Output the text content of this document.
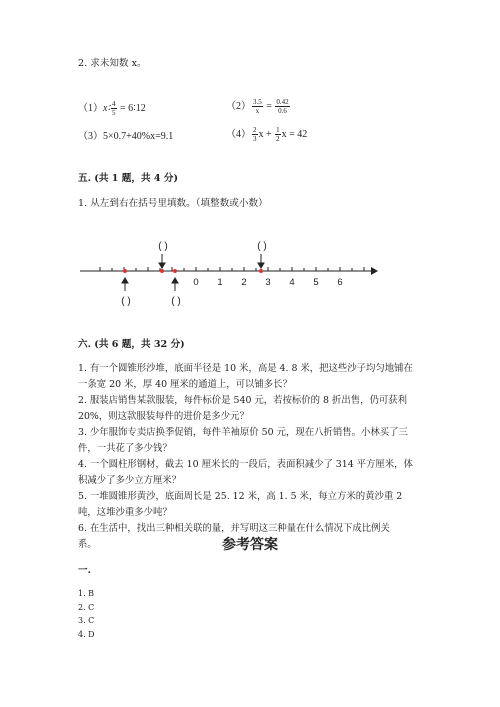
2. 求未知数 x。
（1）x∶ $\frac{4}{5}$ = 6∶12	$(2) \frac{3.5}{x} = \frac{0.42}{0.6}$
（3）5×0.7+40%x=9.1	$(4) \frac{2}{3}$ $x + \frac{1}{2}$ x = 42
五. (共 1 题，共 4 分)
1. 从左到右在括号里填数。（填整数或小数）
( )	( )
0 1 2 3 4 5 6
( )	( )
六. (共 6 题，共 32 分)
1. 有一个圆锥形沙堆，底面半径是 10 米，高是 4. 8 米，把这些沙子均匀地铺在
一条宽 20 米，厚 40 厘米的通道上，可以铺多长？
2. 服装店销售某款服装，每件标价是 540 元，若按标价的 8 折出售，仍可获利
20%，则这款服装每件的进价是多少元？
3. 少年服饰专卖店换季促销，每件羊袖原价 50 元，现在八折销售。小林买了三
件，一共花了多少钱？
4. 一个圆柱形钢材，截去 10 厘米长的一段后，表面积减少了 314 平方厘米，体
积减少了多少立方厘米？
5. 一堆圆锥形黄沙，底面周长是 25. 12 米，高 1. 5 米，每立方米的黄沙重 2
吨，这堆沙重多少吨？
6. 在生活中，找出三种相关联的量，并写明这三种量在什么情况下成比例关
系。	参考答案
一.
1. B
2. C
3. C
4. D
